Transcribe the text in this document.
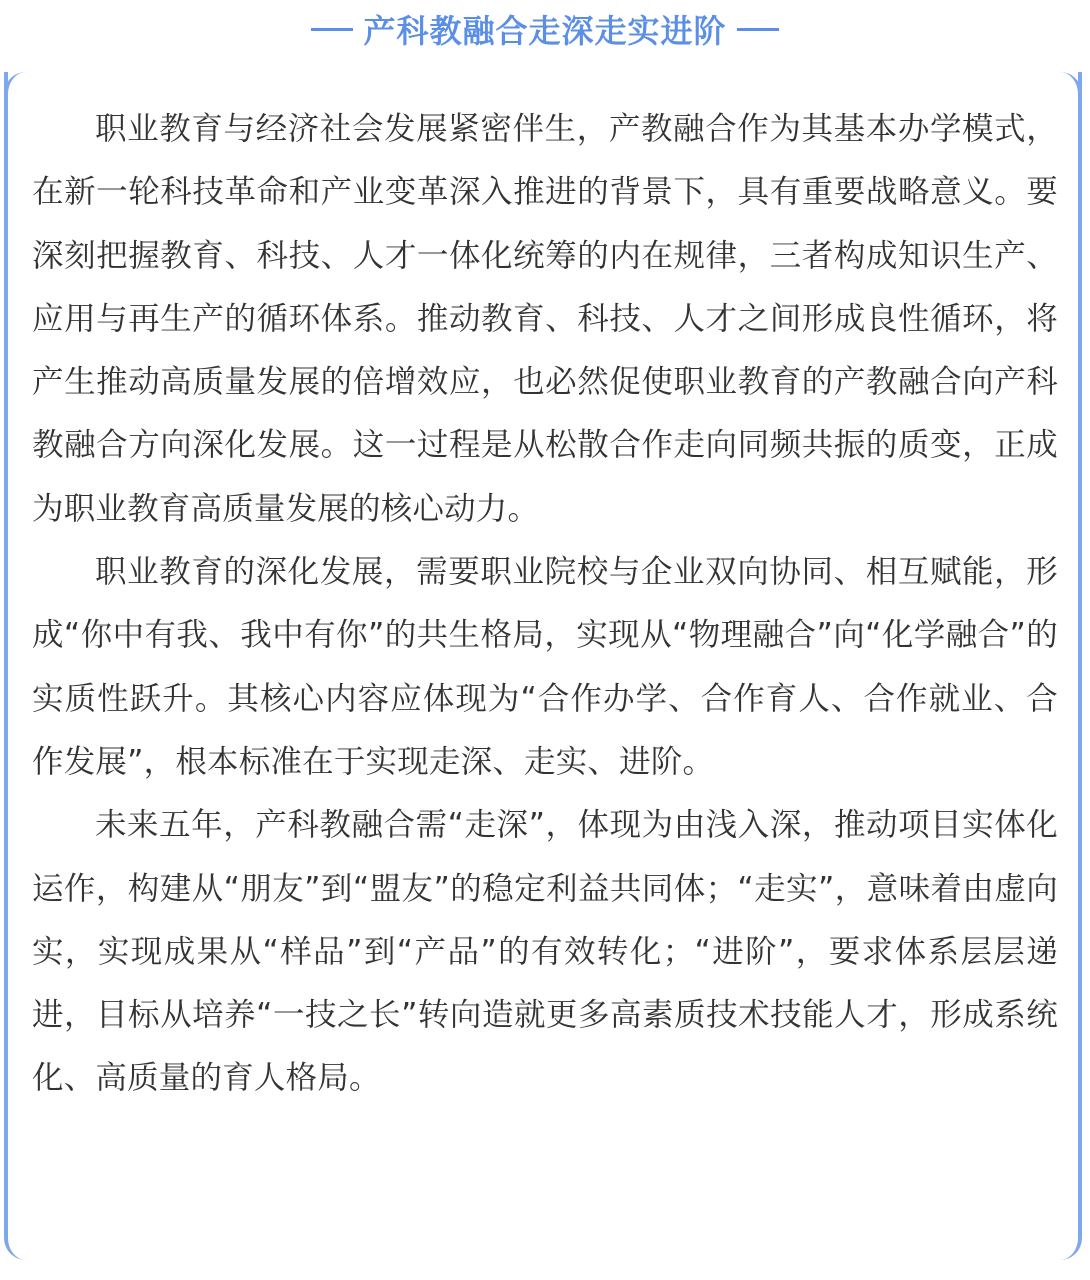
产科教融合走深走实进阶

职业教育与经济社会发展紧密伴生，产教融合作为其基本办学模式，在新一轮科技革命和产业变革深入推进的背景下，具有重要战略意义。要深刻把握教育、科技、人才一体化统筹的内在规律，三者构成知识生产、应用与再生产的循环体系。推动教育、科技、人才之间形成良性循环，将产生推动高质量发展的倍增效应，也必然促使职业教育的产教融合向产科教融合方向深化发展。这一过程是从松散合作走向同频共振的质变，正成为职业教育高质量发展的核心动力。

职业教育的深化发展，需要职业院校与企业双向协同、相互赋能，形成“你中有我、我中有你”的共生格局，实现从“物理融合”向“化学融合”的实质性跃升。其核心内容应体现为“合作办学、合作育人、合作就业、合作发展”，根本标准在于实现走深、走实、进阶。

未来五年，产科教融合需“走深”，体现为由浅入深，推动项目实体化运作，构建从“朋友”到“盟友”的稳定利益共同体；“走实”，意味着由虚向实，实现成果从“样品”到“产品”的有效转化；“进阶”，要求体系层层递进，目标从培养“一技之长”转向造就更多高素质技术技能人才，形成系统化、高质量的育人格局。
